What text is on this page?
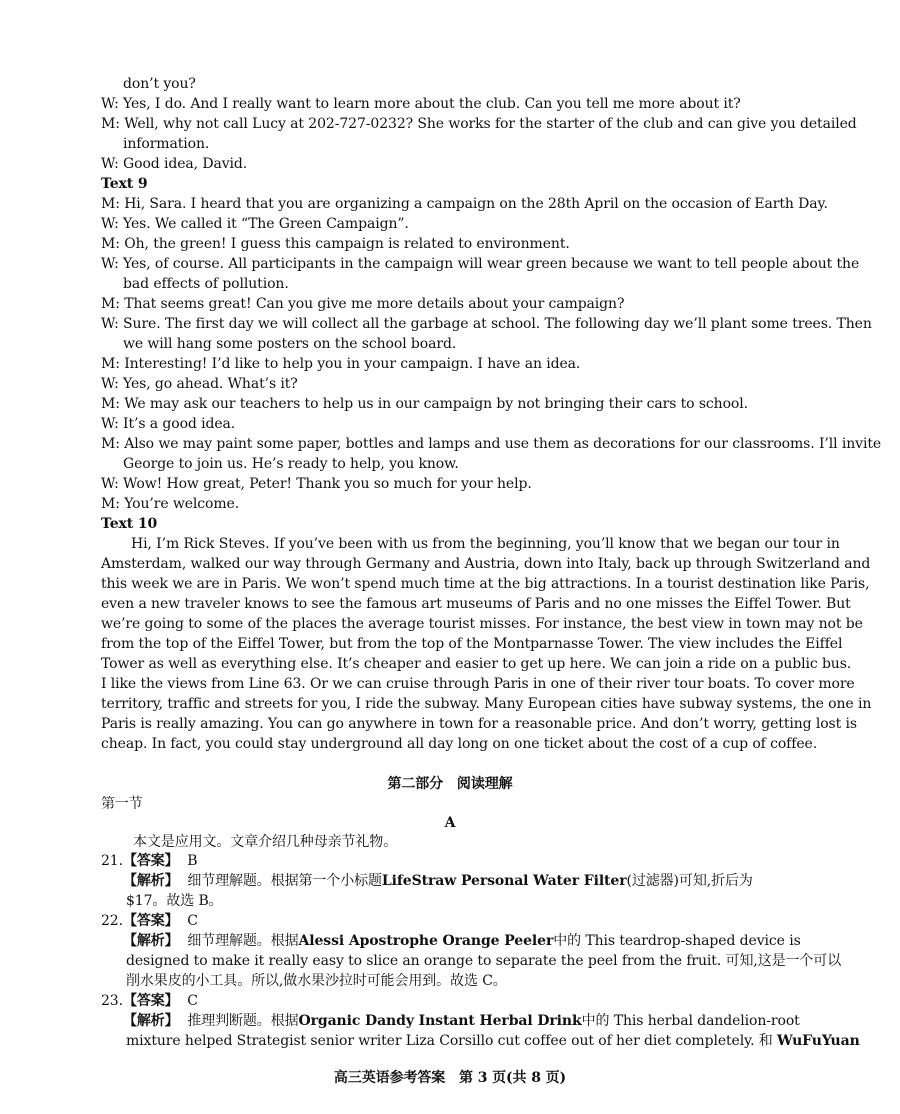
don’t you?
W: Yes, I do. And I really want to learn more about the club. Can you tell me more about it?
M: Well, why not call Lucy at 202-727-0232? She works for the starter of the club and can give you detailed
information.
W: Good idea, David.
Text 9
M: Hi, Sara. I heard that you are organizing a campaign on the 28th April on the occasion of Earth Day.
W: Yes. We called it “The Green Campaign”.
M: Oh, the green! I guess this campaign is related to environment.
W: Yes, of course. All participants in the campaign will wear green because we want to tell people about the
bad effects of pollution.
M: That seems great! Can you give me more details about your campaign?
W: Sure. The first day we will collect all the garbage at school. The following day we’ll plant some trees. Then
we will hang some posters on the school board.
M: Interesting! I’d like to help you in your campaign. I have an idea.
W: Yes, go ahead. What’s it?
M: We may ask our teachers to help us in our campaign by not bringing their cars to school.
W: It’s a good idea.
M: Also we may paint some paper, bottles and lamps and use them as decorations for our classrooms. I’ll invite
George to join us. He’s ready to help, you know.
W: Wow! How great, Peter! Thank you so much for your help.
M: You’re welcome.
Text 10
Hi, I’m Rick Steves. If you’ve been with us from the beginning, you’ll know that we began our tour in
Amsterdam, walked our way through Germany and Austria, down into Italy, back up through Switzerland and
this week we are in Paris. We won’t spend much time at the big attractions. In a tourist destination like Paris,
even a new traveler knows to see the famous art museums of Paris and no one misses the Eiffel Tower. But
we’re going to some of the places the average tourist misses. For instance, the best view in town may not be
from the top of the Eiffel Tower, but from the top of the Montparnasse Tower. The view includes the Eiffel
Tower as well as everything else. It’s cheaper and easier to get up here. We can join a ride on a public bus.
I like the views from Line 63. Or we can cruise through Paris in one of their river tour boats. To cover more
territory, traffic and streets for you, I ride the subway. Many European cities have subway systems, the one in
Paris is really amazing. You can go anywhere in town for a reasonable price. And don’t worry, getting lost is
cheap. In fact, you could stay underground all day long on one ticket about the cost of a cup of coffee.
第二部分　阅读理解
第一节
A
本文是应用文。文章介绍几种母亲节礼物。
21.【答案】 B
【解析】 细节理解题。根据第一个小标题LifeStraw Personal Water Filter(过滤器)可知,折后为
$17。故选 B。
22.【答案】 C
【解析】 细节理解题。根据Alessi Apostrophe Orange Peeler中的 This teardrop-shaped device is
designed to make it really easy to slice an orange to separate the peel from the fruit. 可知,这是一个可以
削水果皮的小工具。所以,做水果沙拉时可能会用到。故选 C。
23.【答案】 C
【解析】 推理判断题。根据Organic Dandy Instant Herbal Drink中的 This herbal dandelion-root
mixture helped Strategist senior writer Liza Corsillo cut coffee out of her diet completely. 和 WuFuYuan
高三英语参考答案　第 3 页(共 8 页)
